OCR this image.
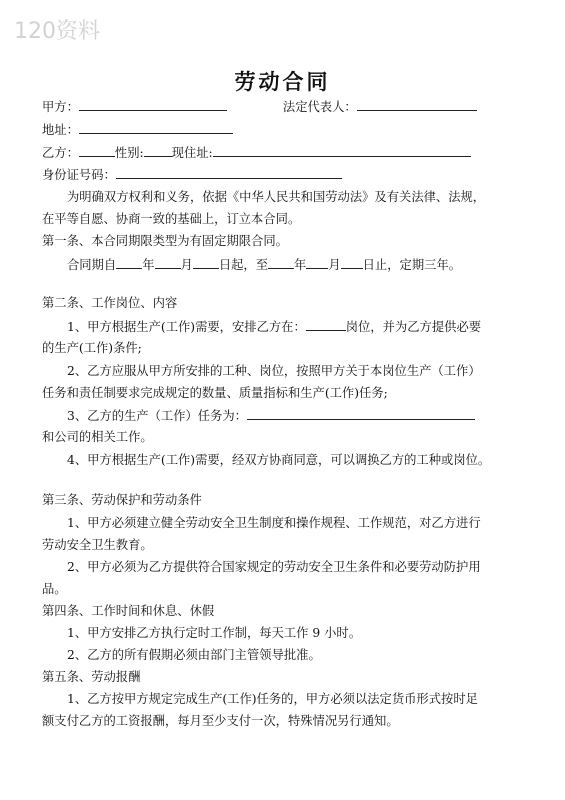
120资料
劳动合同
甲方：	法定代表人：
地址：
乙方：	性别: 现住址:
身份证号码：
为明确双方权利和义务，依据《中华人民共和国劳动法》及有关法律、法规，
在平等自愿、协商一致的基础上，订立本合同。
第一条、本合同期限类型为有固定期限合同。
合同期自 年 月 日起，至 年 月 日止，定期三年。
第二条、工作岗位、内容
1、甲方根据生产(工作)需要，安排乙方在：	岗位，并为乙方提供必要
的生产(工作)条件;
2、乙方应服从甲方所安排的工种、岗位，按照甲方关于本岗位生产（工作）
任务和责任制要求完成规定的数量、质量指标和生产(工作)任务;
3、乙方的生产（工作）任务为：
和公司的相关工作。
4、甲方根据生产(工作)需要，经双方协商同意，可以调换乙方的工种或岗位。
第三条、劳动保护和劳动条件
1、甲方必须建立健全劳动安全卫生制度和操作规程、工作规范，对乙方进行
劳动安全卫生教育。
2、甲方必须为乙方提供符合国家规定的劳动安全卫生条件和必要劳动防护用
品。
第四条、工作时间和休息、休假
1、甲方安排乙方执行定时工作制，每天工作 9 小时。
2、乙方的所有假期必须由部门主管领导批准。
第五条、劳动报酬
1、乙方按甲方规定完成生产(工作)任务的，甲方必须以法定货币形式按时足
额支付乙方的工资报酬，每月至少支付一次，特殊情况另行通知。
